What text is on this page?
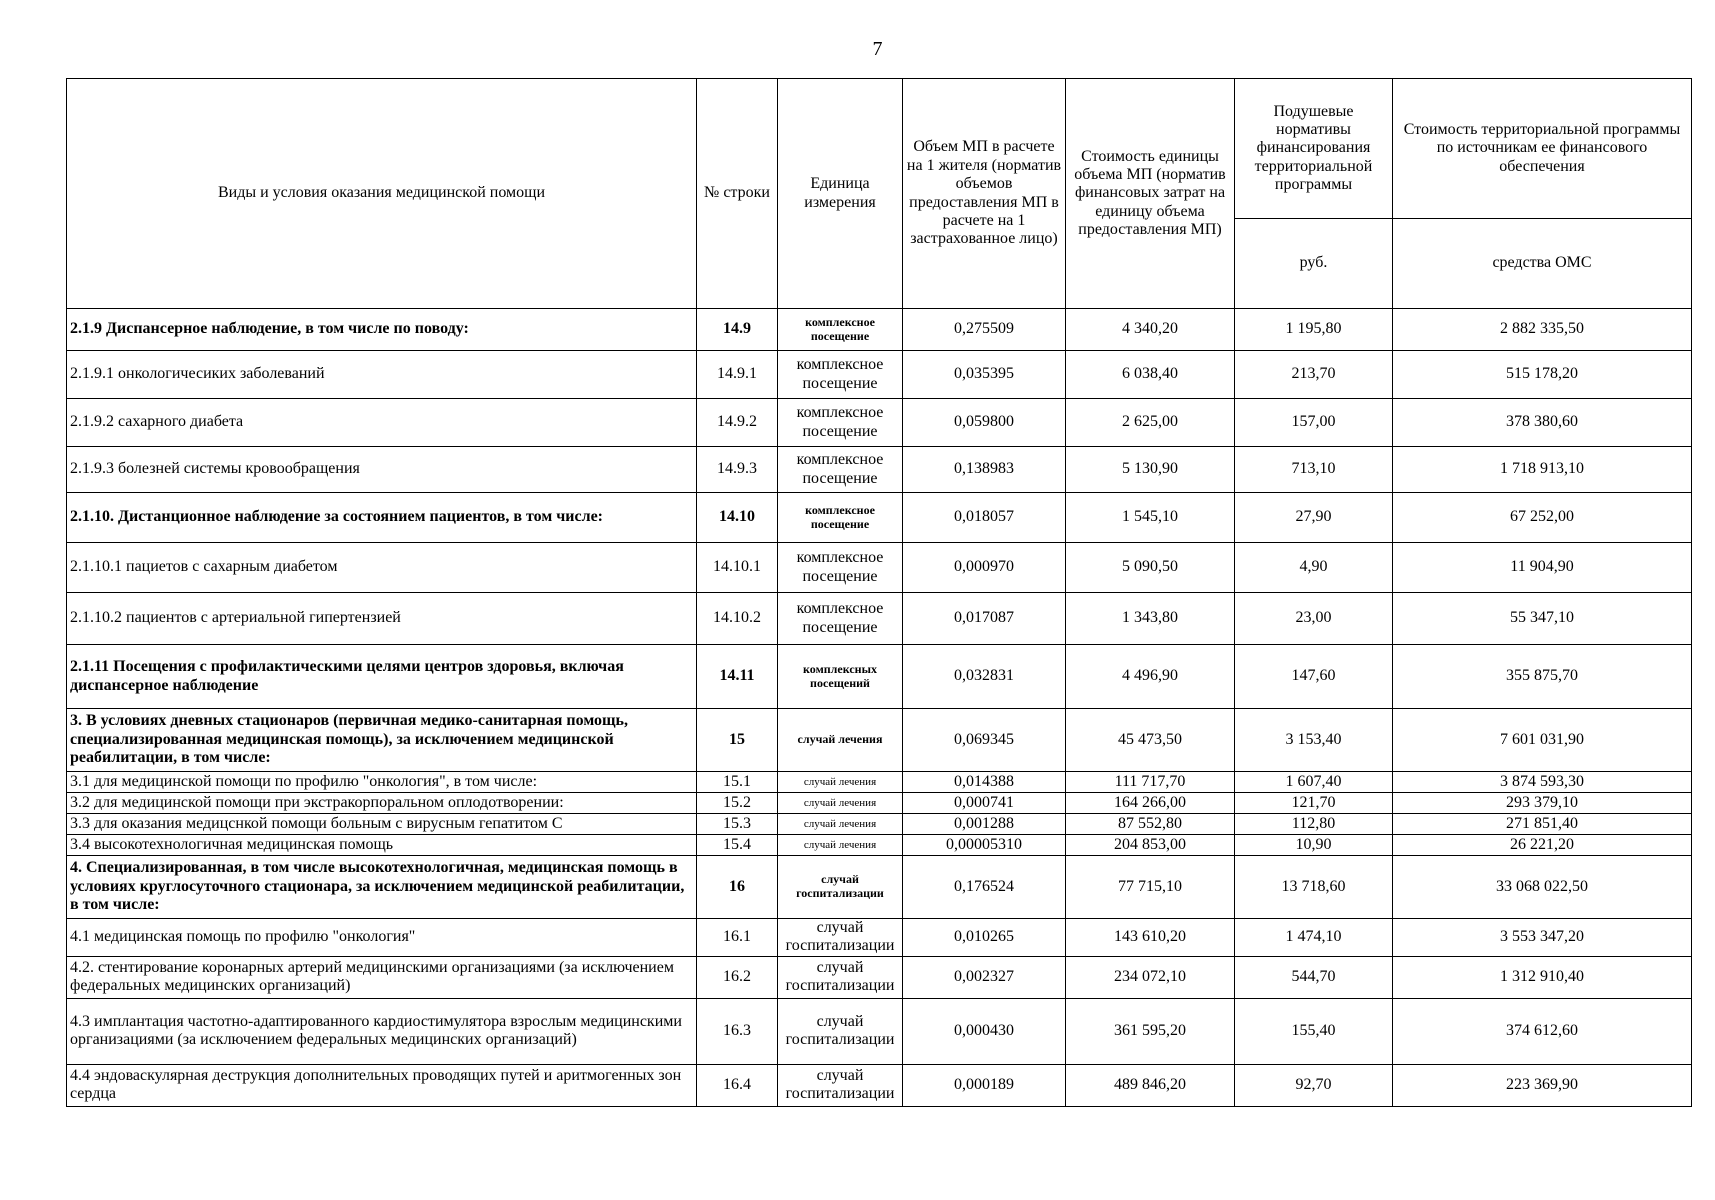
7
Виды и условия оказания медицинской помощи	№ строки	Единица измерения	Объем МП в расчете на 1 жителя (норматив объемов предоставления МП в расчете на 1 застрахованное лицо)	Стоимость единицы объема МП (норматив финансовых затрат на единицу объема предоставления МП)	Подушевые нормативы финансирования территориальной программы	Стоимость территориальной программы по источникам ее финансового обеспечения
					руб.	средства ОМС
2.1.9 Диспансерное наблюдение, в том числе по поводу:	14.9	комплексное посещение	0,275509	4 340,20	1 195,80	2 882 335,50
2.1.9.1 онкологичесиких заболеваний	14.9.1	комплексное посещение	0,035395	6 038,40	213,70	515 178,20
2.1.9.2 сахарного диабета	14.9.2	комплексное посещение	0,059800	2 625,00	157,00	378 380,60
2.1.9.3 болезней системы кровообращения	14.9.3	комплексное посещение	0,138983	5 130,90	713,10	1 718 913,10
2.1.10. Дистанционное наблюдение за состоянием пациентов, в том числе:	14.10	комплексное посещение	0,018057	1 545,10	27,90	67 252,00
2.1.10.1 пациетов с сахарным диабетом	14.10.1	комплексное посещение	0,000970	5 090,50	4,90	11 904,90
2.1.10.2 пациентов с артериальной гипертензией	14.10.2	комплексное посещение	0,017087	1 343,80	23,00	55 347,10
2.1.11 Посещения с профилактическими целями центров здоровья, включая диспансерное наблюдение	14.11	комплексных посещений	0,032831	4 496,90	147,60	355 875,70
3. В условиях дневных стационаров (первичная медико-санитарная помощь, специализированная медицинская помощь), за исключением медицинской реабилитации, в том числе:	15	случай лечения	0,069345	45 473,50	3 153,40	7 601 031,90
3.1 для медицинской помощи по профилю "онкология", в том числе:	15.1	случай лечения	0,014388	111 717,70	1 607,40	3 874 593,30
3.2 для медицинской помощи при экстракорпоральном оплодотворении:	15.2	случай лечения	0,000741	164 266,00	121,70	293 379,10
3.3 для оказания медицснкой помощи больным с вирусным гепатитом С	15.3	случай лечения	0,001288	87 552,80	112,80	271 851,40
3.4 высокотехнологичная медицинская помощь	15.4	случай лечения	0,00005310	204 853,00	10,90	26 221,20
4. Специализированная, в том числе высокотехнологичная, медицинская помощь в условиях круглосуточного стационара, за исключением медицинской реабилитации, в том числе:	16	случай госпитализации	0,176524	77 715,10	13 718,60	33 068 022,50
4.1 медицинская помощь по профилю "онкология"	16.1	случай госпитализации	0,010265	143 610,20	1 474,10	3 553 347,20
4.2. стентирование коронарных артерий медицинскими организациями (за исключением федеральных медицинских организаций)	16.2	случай госпитализации	0,002327	234 072,10	544,70	1 312 910,40
4.3 имплантация частотно-адаптированного кардиостимулятора взрослым медицинскими организациями (за исключением федеральных медицинских организаций)	16.3	случай госпитализации	0,000430	361 595,20	155,40	374 612,60
4.4 эндоваскулярная деструкция дополнительных проводящих путей и аритмогенных зон сердца	16.4	случай госпитализации	0,000189	489 846,20	92,70	223 369,90
